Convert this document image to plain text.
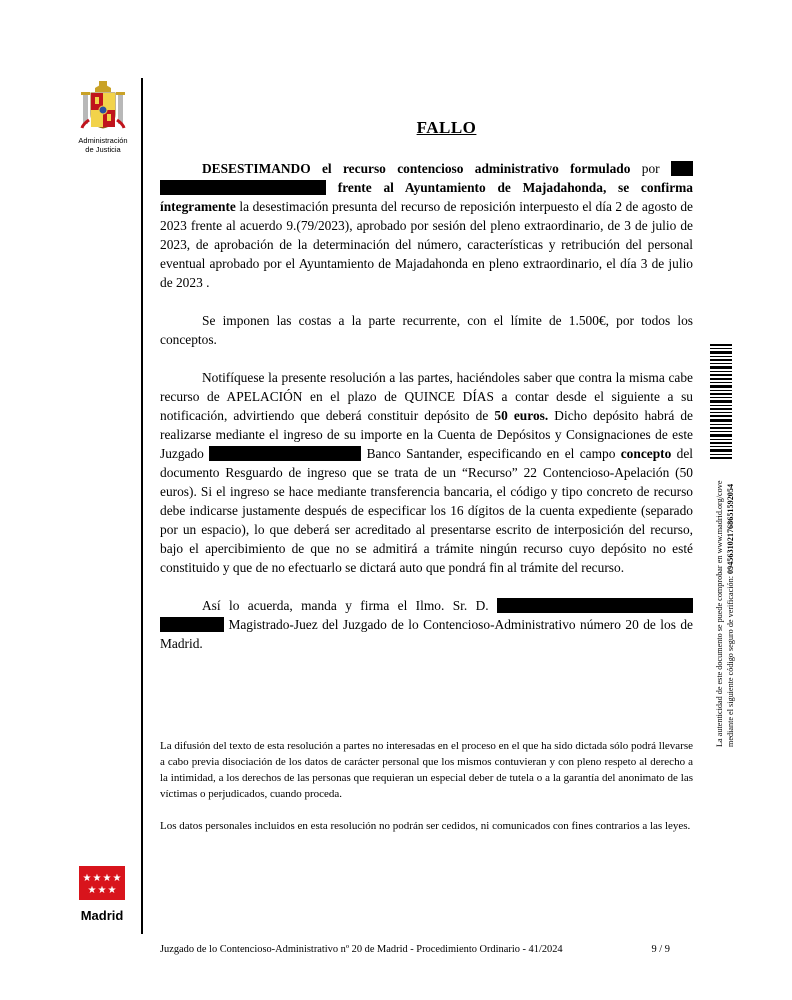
Administración
de Justicia
FALLO

DESESTIMANDO el recurso contencioso administrativo formulado por   frente al Ayuntamiento de Majadahonda, se confirma íntegramente la desestimación presunta del recurso de reposición interpuesto el día 2 de agosto de 2023 frente al acuerdo 9.(79/2023), aprobado por sesión del pleno extraordinario, de 3 de julio de 2023, de aprobación de la determinación del número, características y retribución del personal eventual aprobado por el Ayuntamiento de Majadahonda en pleno extraordinario, el día 3 de julio de 2023 .

Se imponen las costas a la parte recurrente, con el límite de 1.500€, por todos los conceptos.

Notifíquese la presente resolución a las partes, haciéndoles saber que contra la misma cabe recurso de APELACIÓN en el plazo de QUINCE DÍAS a contar desde el siguiente a su notificación, advirtiendo que deberá constituir depósito de 50 euros. Dicho depósito habrá de realizarse mediante el ingreso de su importe en la Cuenta de Depósitos y Consignaciones de este Juzgado	Banco Santander, especificando en el campo concepto del documento Resguardo de ingreso que se trata de un “Recurso” 22 Contencioso-Apelación (50 euros). Si el ingreso se hace mediante transferencia bancaria, el código y tipo concreto de recurso debe indicarse justamente después de especificar los 16 dígitos de la cuenta expediente (separado por un espacio), lo que deberá ser acreditado al presentarse escrito de interposición del recurso, bajo el apercibimiento de que no se admitirá a trámite ningún recurso cuyo depósito no esté constituido y que de no efectuarlo se dictará auto que pondrá fin al trámite del recurso.

Así lo acuerda, manda y firma el Ilmo. Sr. D.   Magistrado-Juez del Juzgado de lo Contencioso-Administrativo número 20 de los de Madrid.

La difusión del texto de esta resolución a partes no interesadas en el proceso en el que ha sido dictada sólo podrá llevarse a cabo previa disociación de los datos de carácter personal que los mismos contuvieran y con pleno respeto al derecho a la intimidad, a los derechos de las personas que requieran un especial deber de tutela o a la garantía del anonimato de las víctimas o perjudicados, cuando proceda.

Los datos personales incluidos en esta resolución no podrán ser cedidos, ni comunicados con fines contrarios a las leyes.

La autenticidad de este documento se puede comprobar en www.madrid.org/cove mediante el siguiente código seguro de verificación: 0945631021768651592054
★ ★ ★ ★
★ ★ ★
Madrid
Juzgado de lo Contencioso-Administrativo nº 20 de Madrid - Procedimiento Ordinario - 41/2024	9 / 9
